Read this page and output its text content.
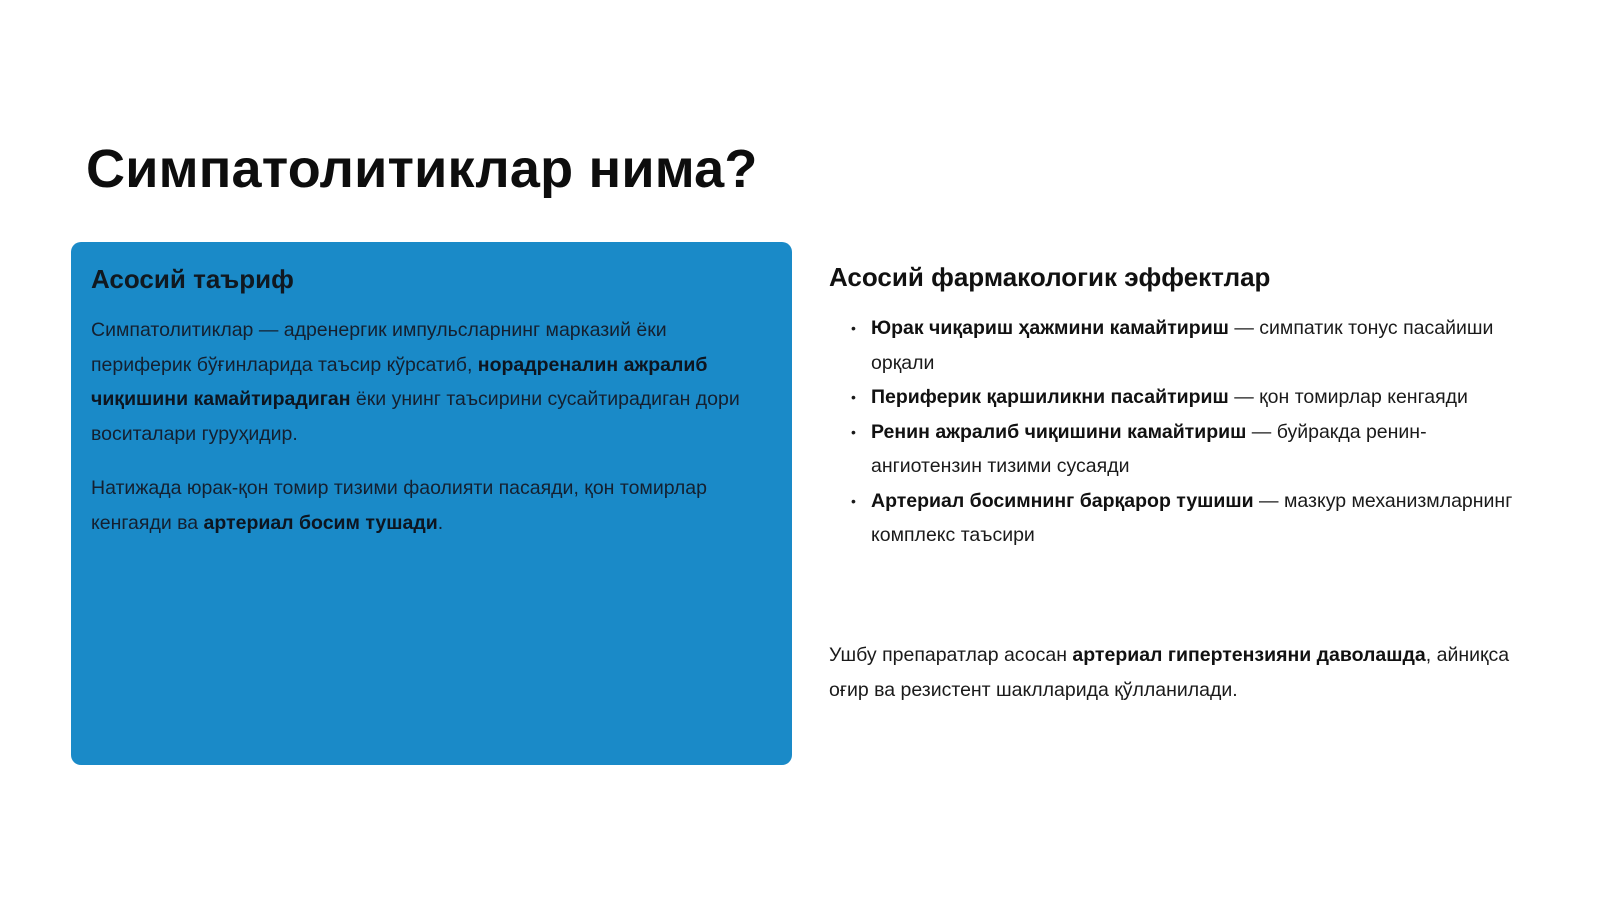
Симпатолитиклар нима?
Асосий таъриф

Симпатолитиклар — адренергик импульсларнинг марказий ёки периферик бўғинларида таъсир кўрсатиб, норадреналин ажралиб чиқишини камайтирадиган ёки унинг таъсирини сусайтирадиган дори воситалари гуруҳидир.

Натижада юрак-қон томир тизими фаолияти пасаяди, қон томирлар кенгаяди ва артериал босим тушади.

Асосий фармакологик эффектлар
• Юрак чиқариш ҳажмини камайтириш — симпатик тонус пасайиши орқали
• Периферик қаршиликни пасайтириш — қон томирлар кенгаяди
• Ренин ажралиб чиқишини камайтириш — буйракда ренин-ангиотензин тизими сусаяди
• Артериал босимнинг барқарор тушиши — мазкур механизмларнинг комплекс таъсири

Ушбу препаратлар асосан артериал гипертензияни даволашда, айниқса оғир ва резистент шаклларида қўлланилади.
